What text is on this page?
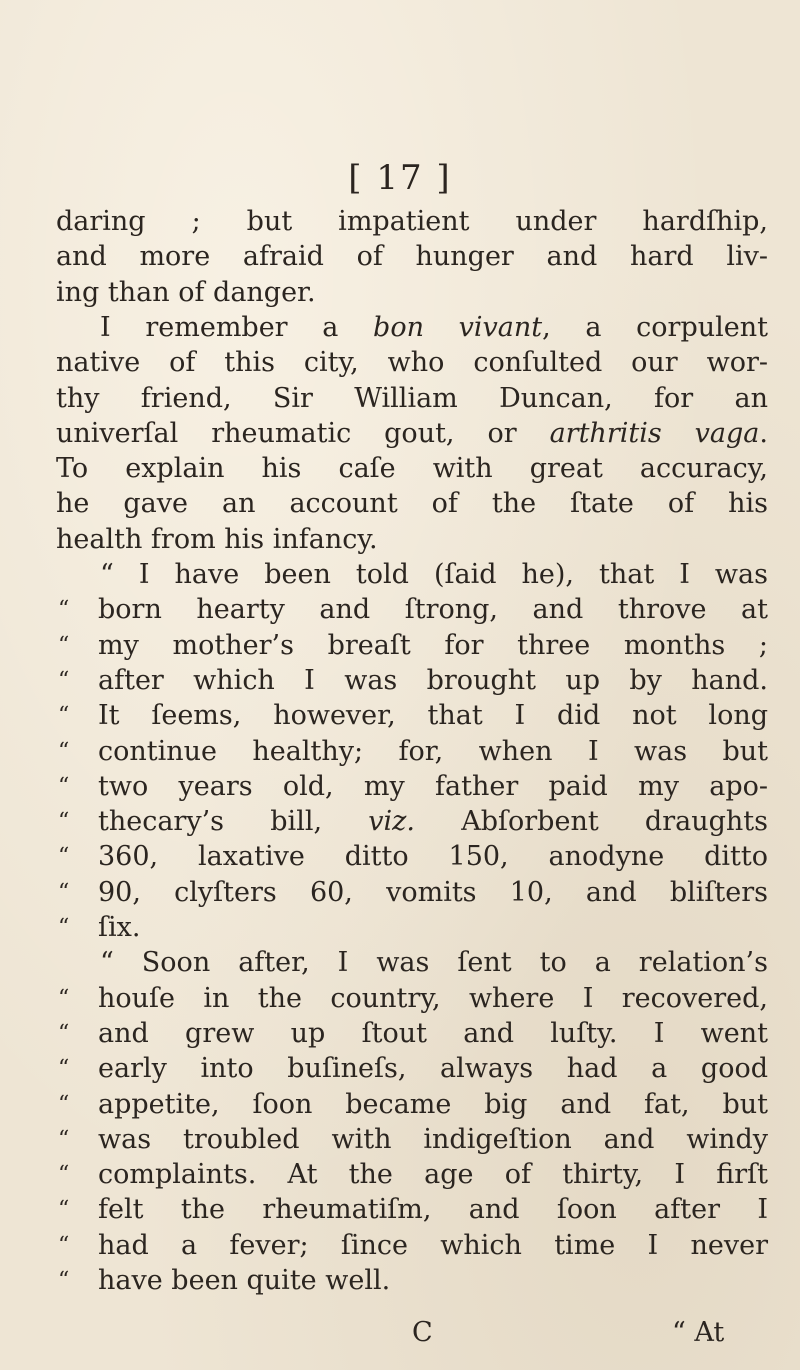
[ 17 ]
daring ; but impatient under hardſhip,
and more afraid of hunger and hard liv-
ing than of danger.
I remember a bon vivant, a corpulent
native of this city, who conſulted our wor-
thy friend, Sir William Duncan, for an
univerſal rheumatic gout, or arthritis vaga.
To explain his caſe with great accuracy,
he gave an account of the ſtate of his
health from his infancy.
“ I have been told (ſaid he), that I was
“ born hearty and ſtrong, and throve at
“ my mother’s breaſt for three months ;
“ after which I was brought up by hand.
“ It ſeems, however, that I did not long
“ continue healthy; for, when I was but
“ two years old, my father paid my apo-
“ thecary’s bill, viz. Abſorbent draughts
“ 360, laxative ditto 150, anodyne ditto
“ 90, clyſters 60, vomits 10, and bliſters
“ ſix.
“ Soon after, I was ſent to a relation’s
“ houſe in the country, where I recovered,
“ and grew up ſtout and luſty. I went
early into buſineſs, always had a good
“
appetite, ſoon became big and fat, but
“
was troubled with indigeſtion and windy
“
complaints. At the age of thirty, I firſt
“
felt the rheumatiſm, and ſoon after I
“
had a fever; ſince which time I never
“
have been quite well.
“
C	“ At
